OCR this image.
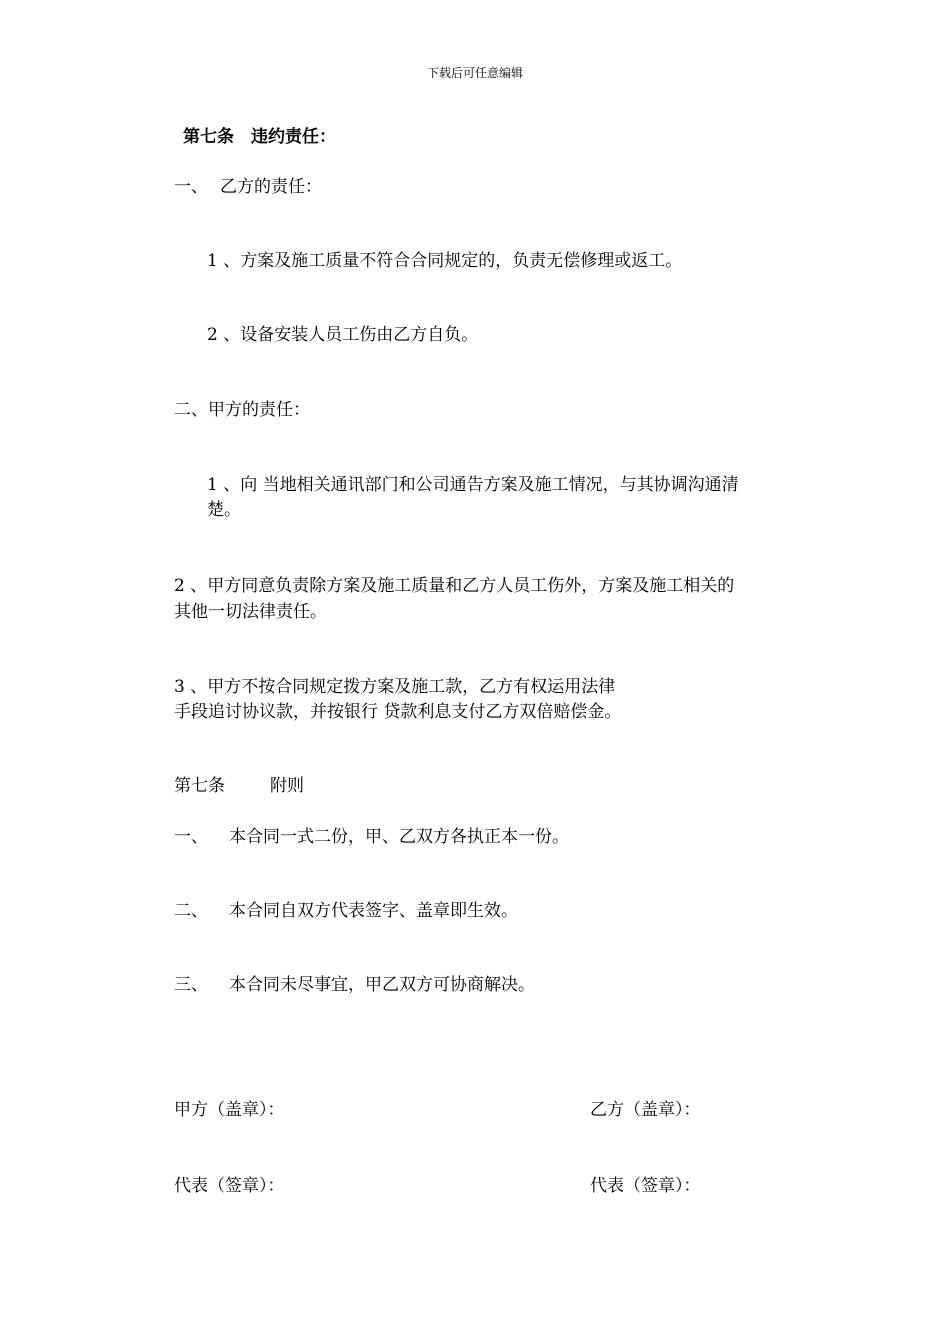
下载后可任意编辑
第七条　违约责任：
一、 乙方的责任：
1 、方案及施工质量不符合合同规定的，负责无偿修理或返工。
2 、设备安装人员工伤由乙方自负。
二、甲方的责任：
1 、向 当地相关通讯部门和公司通告方案及施工情况，与其协调沟通清
楚。
2 、甲方同意负责除方案及施工质量和乙方人员工伤外，方案及施工相关的
其他一切法律责任。
3 、甲方不按合同规定拨方案及施工款，乙方有权运用法律
手段追讨协议款，并按银行 贷款利息支付乙方双倍赔偿金。
第七条	附则
一、 本合同一式二份，甲、乙双方各执正本一份。
二、 本合同自双方代表签字、盖章即生效。
三、 本合同未尽事宜，甲乙双方可协商解决。
甲方（盖章）：	乙方（盖章）：
代表（签章）：	代表（签章）：
